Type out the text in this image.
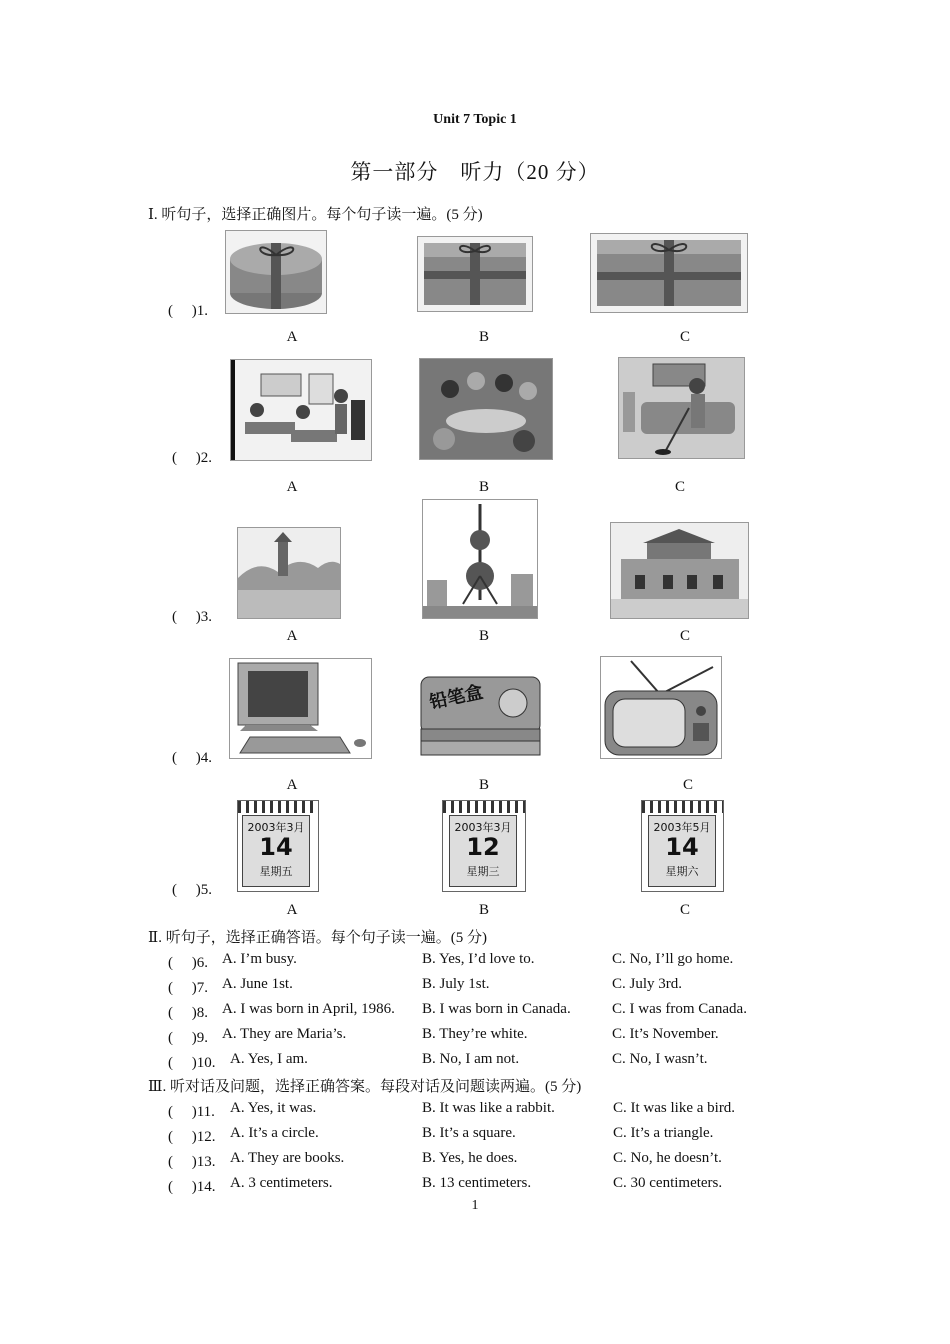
Unit 7 Topic 1
第一部分　听力（20 分）
Ⅰ. 听句子，选择正确图片。每个句子读一遍。(5 分)
(　 )1.
A	B	C
(　 )2.
A	B	C
(　 )3.
A	B	C
(　 )4.
铅笔盒
A	B	C
(　 )5.
2003年3月
14
星期五
2003年3月
12
星期三
2003年5月
14
星期六
A	B	C
Ⅱ. 听句子，选择正确答语。每个句子读一遍。(5 分)
(　 )6. A. I’m busy.	B. Yes, I’d love to.	C. No, I’ll go home.
(　 )7. A. June 1st.	B. July 1st.	C. July 3rd.
(　 )8. A. I was born in April, 1986. B. I was born in Canada.	C. I was from Canada.
(　 )9. A. They are Maria’s.	B. They’re white.	C. It’s November.
(　 )10. A. Yes, I am.	B. No, I am not.	C. No, I wasn’t.
Ⅲ. 听对话及问题，选择正确答案。每段对话及问题读两遍。(5 分)
(　 )11. A. Yes, it was.	B. It was like a rabbit.	C. It was like a bird.
(　 )12. A. It’s a circle.	B. It’s a square.	C. It’s a triangle.
(　 )13. A. They are books.	B. Yes, he does.	C. No, he doesn’t.
(　 )14. A. 3 centimeters.	B. 13 centimeters.	C. 30 centimeters.
1
